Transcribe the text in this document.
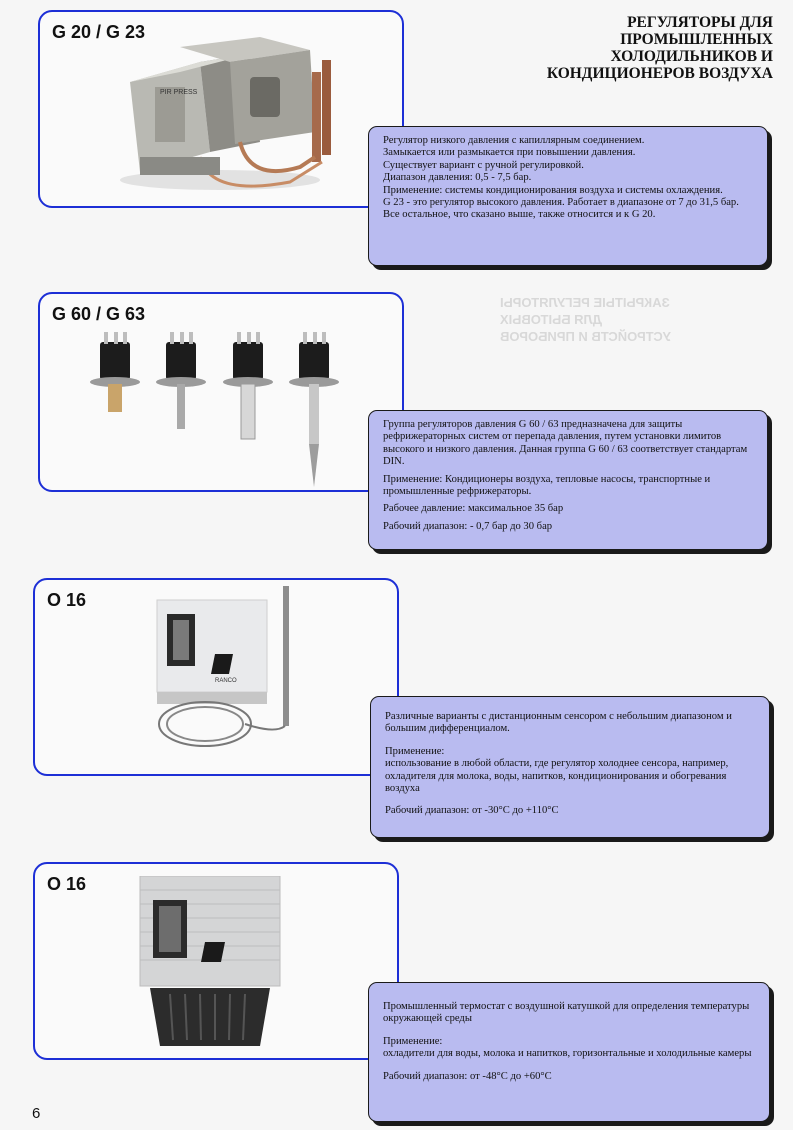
ЗАКРЫТЫЕ РЕГУЛЯТОРЫ
ДЛЯ БЫТОВЫХ
УСТРОЙСТВ И ПРИБОРОВ
РЕГУЛЯТОРЫ ДЛЯ
ПРОМЫШЛЕННЫХ
ХОЛОДИЛЬНИКОВ И
КОНДИЦИОНЕРОВ ВОЗДУХА
G 20 / G 23
PIR PRESS

Регулятор низкого давления с капиллярным соединением.

Замыкается или размыкается при повышении давления.

Существует вариант с ручной регулировкой.

Диапазон давления: 0,5 - 7,5 бар.

Применение: системы кондиционирования воздуха и системы охлаждения.

G 23 - это регулятор высокого давления. Работает в диапазоне от 7 до 31,5 бар. Все остальное, что сказано выше, также относится и к G 20.

G 60 / G 63

Группа регуляторов давления G 60 / 63 предназначена для защиты рефрижераторных систем от перепада давления, путем установки лимитов высокого и низкого давления. Данная группа G 60 / 63 соответствует стандартам DIN.

Применение: Кондиционеры воздуха, тепловые насосы, транспортные и промышленные рефрижераторы.

Рабочее давление: максимальное 35 бар

Рабочий диапазон: - 0,7 бар до 30 бар

O 16
RANCO

Различные варианты с дистанционным сенсором с небольшим диапазоном и большим дифференциалом.

Применение:

использование в любой области, где регулятор холоднее сенсора, например, охладителя для молока, воды, напитков, кондиционирования и обогревания воздуха

Рабочий диапазон: от -30°C до +110°C

O 16

Промышленный термостат с воздушной катушкой для определения температуры окружающей среды

Применение:

охладители для воды, молока и напитков, горизонтальные и холодильные камеры

Рабочий диапазон: от -48°C до +60°C

6
